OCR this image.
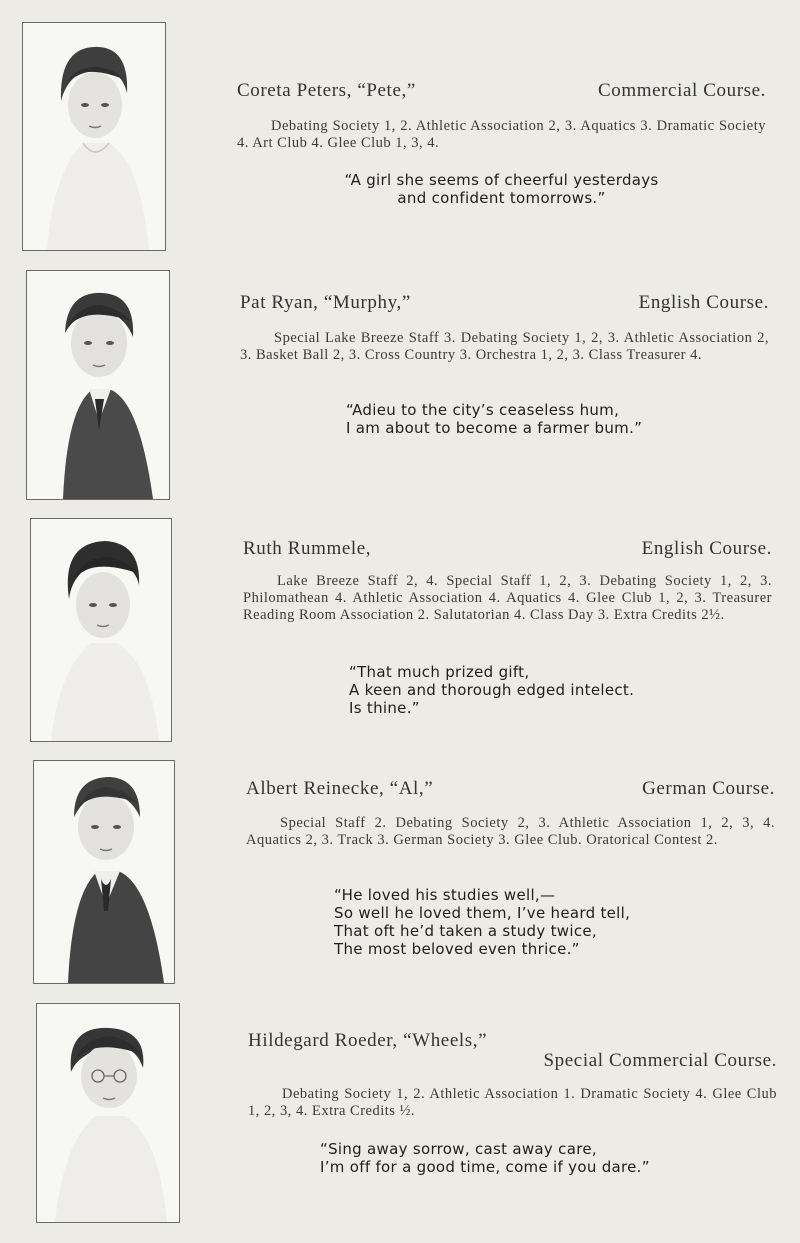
Coreta Peters, “Pete,”	Commercial Course.
Debating Society 1, 2. Athletic Association 2, 3. Aquatics 3. Dramatic Society 4. Art Club 4. Glee Club 1, 3, 4.
“A girl she seems of cheerful yesterdays
and confident tomorrows.”
Pat Ryan, “Murphy,”	English Course.
Special Lake Breeze Staff 3. Debating Society 1, 2, 3. Athletic Association 2, 3. Basket Ball 2, 3. Cross Country 3. Orchestra 1, 2, 3. Class Treasurer 4.
“Adieu to the city’s ceaseless hum,
I am about to become a farmer bum.”
Ruth Rummele,	English Course.
Lake Breeze Staff 2, 4. Special Staff 1, 2, 3. Debating Society 1, 2, 3. Philomathean 4. Athletic Association 4. Aquatics 4. Glee Club 1, 2, 3. Treasurer Reading Room Association 2. Salutatorian 4. Class Day 3. Extra Credits 2½.
“That much prized gift,
A keen and thorough edged intelect.
Is thine.”
Albert Reinecke, “Al,”	German Course.
Special Staff 2. Debating Society 2, 3. Athletic Association 1, 2, 3, 4. Aquatics 2, 3. Track 3. German Society 3. Glee Club. Oratorical Contest 2.
“He loved his studies well,—
So well he loved them, I’ve heard tell,
That oft he’d taken a study twice,
The most beloved even thrice.”
Hildegard Roeder, “Wheels,”
Special Commercial Course.
Debating Society 1, 2. Athletic Association 1. Dramatic Society 4. Glee Club 1, 2, 3, 4. Extra Credits ½.
“Sing away sorrow, cast away care,
I’m off for a good time, come if you dare.”
